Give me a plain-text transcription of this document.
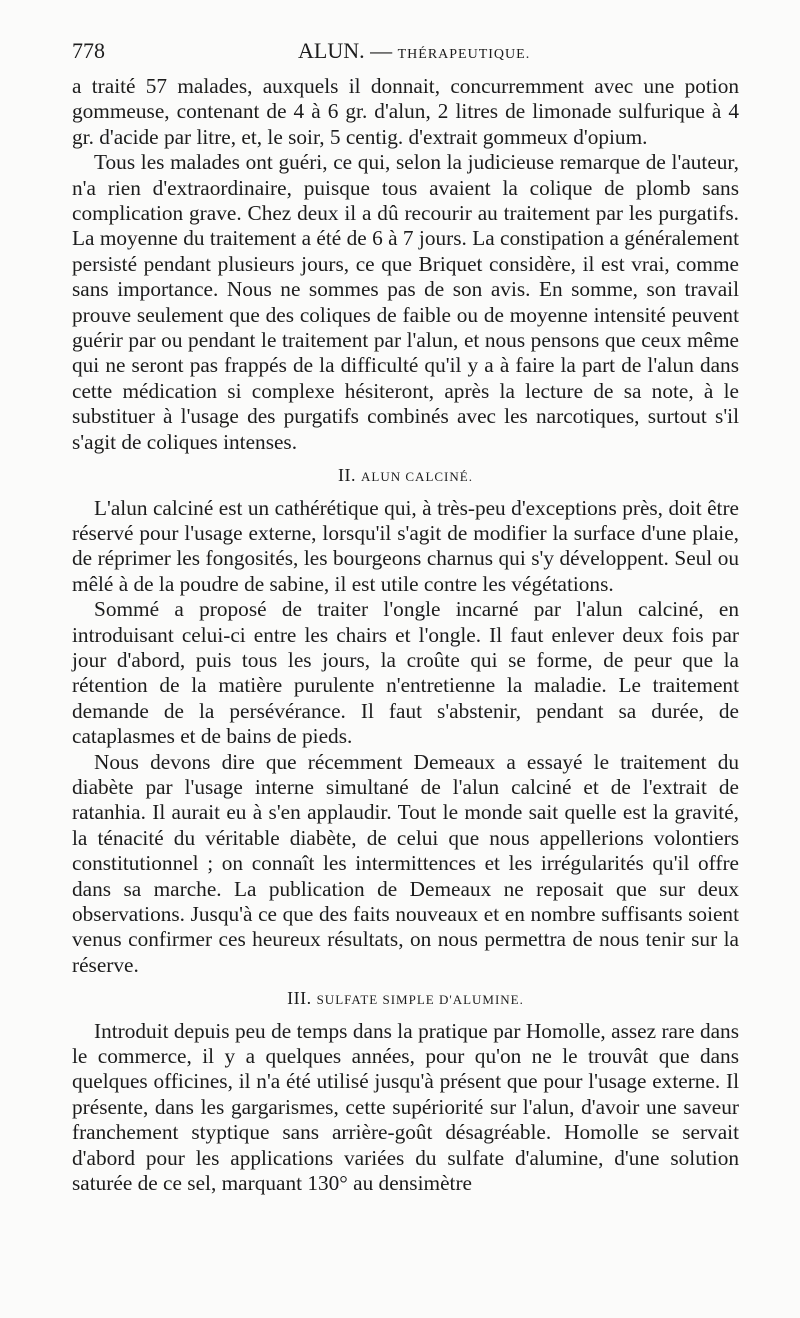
778	ALUN. — THÉRAPEUTIQUE.

a traité 57 malades, auxquels il donnait, concurremment avec une potion gommeuse, contenant de 4 à 6 gr. d'alun, 2 litres de limonade sulfurique à 4 gr. d'acide par litre, et, le soir, 5 centig. d'extrait gommeux d'opium.

Tous les malades ont guéri, ce qui, selon la judicieuse remarque de l'auteur, n'a rien d'extraordinaire, puisque tous avaient la colique de plomb sans complication grave. Chez deux il a dû recourir au traitement par les purgatifs. La moyenne du traitement a été de 6 à 7 jours. La constipation a généralement persisté pendant plusieurs jours, ce que Briquet considère, il est vrai, comme sans importance. Nous ne sommes pas de son avis. En somme, son travail prouve seulement que des coliques de faible ou de moyenne intensité peuvent guérir par ou pendant le traitement par l'alun, et nous pensons que ceux même qui ne seront pas frappés de la difficulté qu'il y a à faire la part de l'alun dans cette médication si complexe hésiteront, après la lecture de sa note, à le substituer à l'usage des purgatifs combinés avec les narcotiques, surtout s'il s'agit de coliques intenses.

II. ALUN CALCINÉ.

L'alun calciné est un cathérétique qui, à très-peu d'exceptions près, doit être réservé pour l'usage externe, lorsqu'il s'agit de modifier la surface d'une plaie, de réprimer les fongosités, les bourgeons charnus qui s'y développent. Seul ou mêlé à de la poudre de sabine, il est utile contre les végétations.

Sommé a proposé de traiter l'ongle incarné par l'alun calciné, en introduisant celui-ci entre les chairs et l'ongle. Il faut enlever deux fois par jour d'abord, puis tous les jours, la croûte qui se forme, de peur que la rétention de la matière purulente n'entretienne la maladie. Le traitement demande de la persévérance. Il faut s'abstenir, pendant sa durée, de cataplasmes et de bains de pieds.

Nous devons dire que récemment Demeaux a essayé le traitement du diabète par l'usage interne simultané de l'alun calciné et de l'extrait de ratanhia. Il aurait eu à s'en applaudir. Tout le monde sait quelle est la gravité, la ténacité du véritable diabète, de celui que nous appellerions volontiers constitutionnel ; on connaît les intermittences et les irrégularités qu'il offre dans sa marche. La publication de Demeaux ne reposait que sur deux observations. Jusqu'à ce que des faits nouveaux et en nombre suffisants soient venus confirmer ces heureux résultats, on nous permettra de nous tenir sur la réserve.

III. SULFATE SIMPLE D'ALUMINE.

Introduit depuis peu de temps dans la pratique par Homolle, assez rare dans le commerce, il y a quelques années, pour qu'on ne le trouvât que dans quelques officines, il n'a été utilisé jusqu'à présent que pour l'usage externe. Il présente, dans les gargarismes, cette supériorité sur l'alun, d'avoir une saveur franchement styptique sans arrière-goût désagréable. Homolle se servait d'abord pour les applications variées du sulfate d'alumine, d'une solution saturée de ce sel, marquant 130° au densimètre
